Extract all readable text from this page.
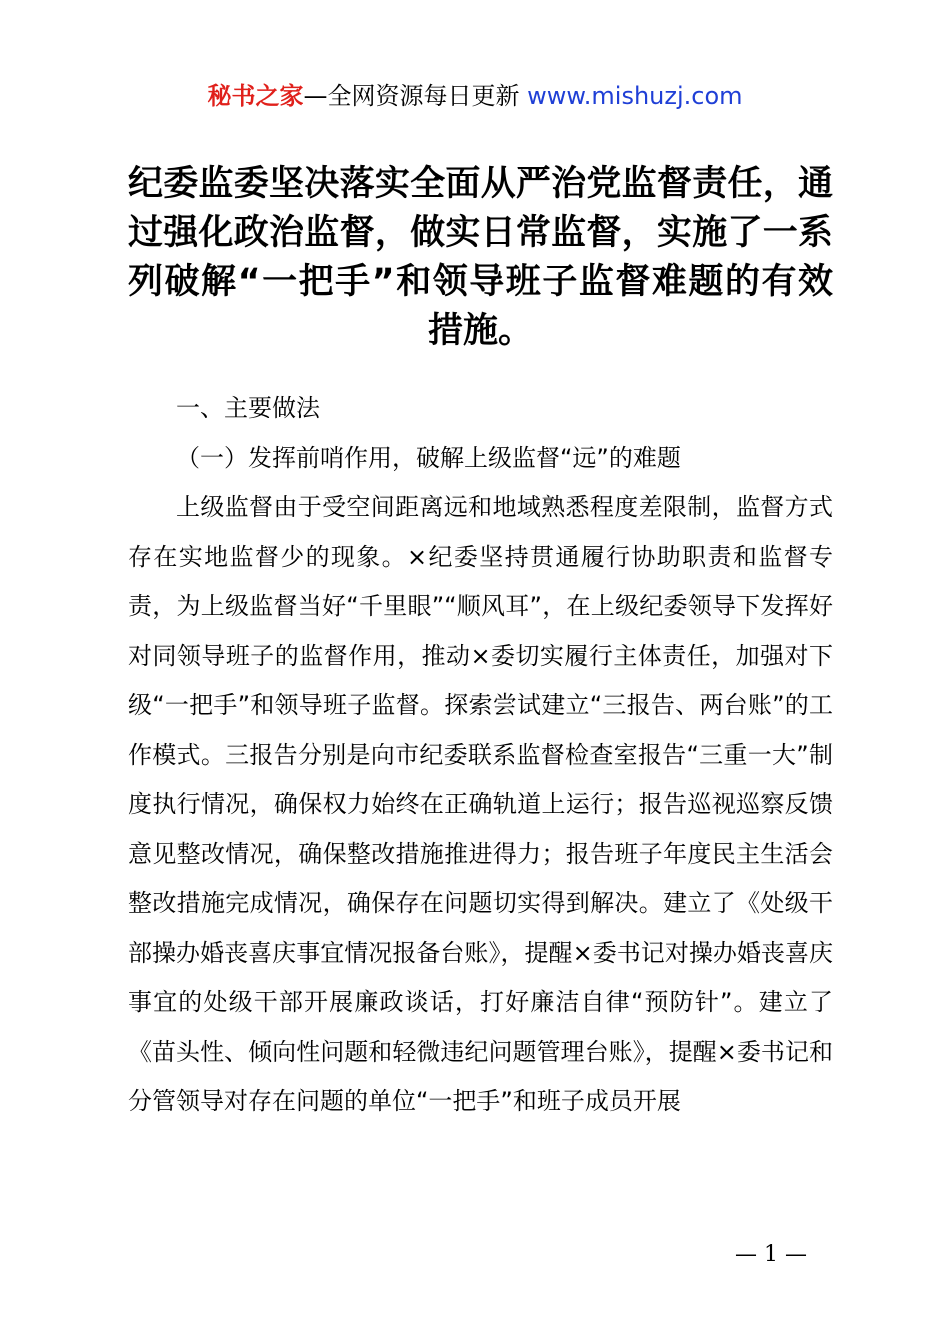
秘书之家—全网资源每日更新 www.mishuzj.com
纪委监委坚决落实全面从严治党监督责任，通过强化政治监督，做实日常监督，实施了一系列破解“一把手”和领导班子监督难题的有效措施。

一、主要做法

（一）发挥前哨作用，破解上级监督“远”的难题

上级监督由于受空间距离远和地域熟悉程度差限制，监督方式存在实地监督少的现象。×纪委坚持贯通履行协助职责和监督专责，为上级监督当好“千里眼”“顺风耳”，在上级纪委领导下发挥好对同领导班子的监督作用，推动×委切实履行主体责任，加强对下级“一把手”和领导班子监督。探索尝试建立“三报告、两台账”的工作模式。三报告分别是向市纪委联系监督检查室报告“三重一大”制度执行情况，确保权力始终在正确轨道上运行；报告巡视巡察反馈意见整改情况，确保整改措施推进得力；报告班子年度民主生活会整改措施完成情况，确保存在问题切实得到解决。建立了《处级干部操办婚丧喜庆事宜情况报备台账》，提醒×委书记对操办婚丧喜庆事宜的处级干部开展廉政谈话，打好廉洁自律“预防针”。建立了《苗头性、倾向性问题和轻微违纪问题管理台账》，提醒×委书记和分管领导对存在问题的单位“一把手”和班子成员开展

— 1 —
